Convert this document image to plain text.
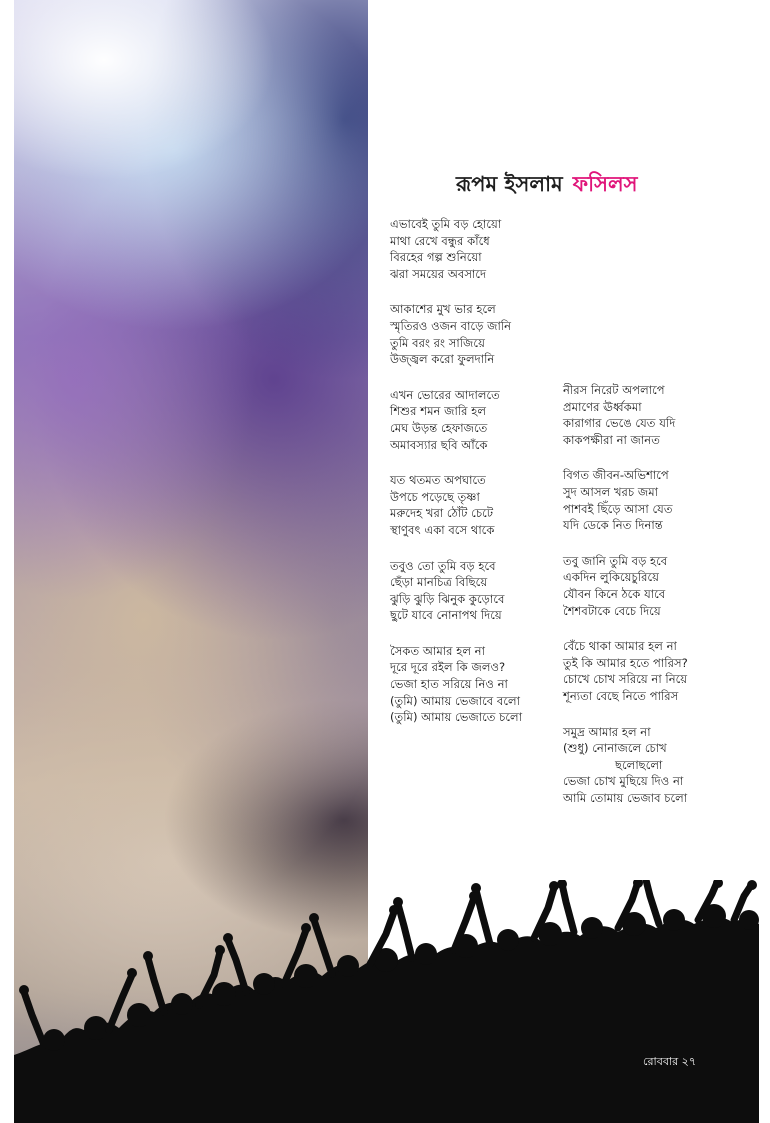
রূপম ইসলাম ফসিলস
এভাবেই তুমি বড় হোয়ো
মাথা রেখে বন্ধুর কাঁধে
বিরহের গল্প শুনিয়ো
ঝরা সময়ের অবসাদে
আকাশের মুখ ভার হলে
স্মৃতিরও ওজন বাড়ে জানি
তুমি বরং রং সাজিয়ে
উজ্জ্বল করো ফুলদানি
এখন ভোরের আদালতে
শিশুর শমন জারি হল
মেঘ উড়ন্ত হেফাজতে
অমাবস্যার ছবি আঁকে
যত থতমত অপঘাতে
উপচে পড়েছে তৃষ্ণা
মরুদেহ খরা ঠোঁট চেটে
স্থাণুবৎ একা বসে থাকে
তবুও তো তুমি বড় হবে
ছেঁড়া মানচিত্র বিছিয়ে
ঝুড়ি ঝুড়ি ঝিনুক কুড়োবে
ছুটে যাবে নোনাপথ দিয়ে
সৈকত আমার হল না
দূরে দূরে রইল কি জলও?
ভেজা হাত সরিয়ে নিও না
(তুমি) আমায় ভেজাবে বলো
(তুমি) আমায় ভেজাতে চলো
নীরস নিরেট অপলাপে
প্রমাণের ঊর্ধ্বকমা
কারাগার ভেঙে যেত যদি
কাকপক্ষীরা না জানত
বিগত জীবন-অভিশাপে
সুদ আসল খরচ জমা
পাশবই ছিঁড়ে আসা যেত
যদি ডেকে নিত দিনান্ত
তবু জানি তুমি বড় হবে
একদিন লুকিয়েচুরিয়ে
যৌবন কিনে ঠকে যাবে
শৈশবটাকে বেচে দিয়ে
বেঁচে থাকা আমার হল না
তুই কি আমার হতে পারিস?
চোখে চোখ সরিয়ে না নিয়ে
শূন্যতা বেছে নিতে পারিস
সমুদ্র আমার হল না
(শুধু) নোনাজলে চোখ
ছলোছলো
ভেজা চোখ মুছিয়ে দিও না
আমি তোমায় ভেজাব চলো
রোববার ২৭
